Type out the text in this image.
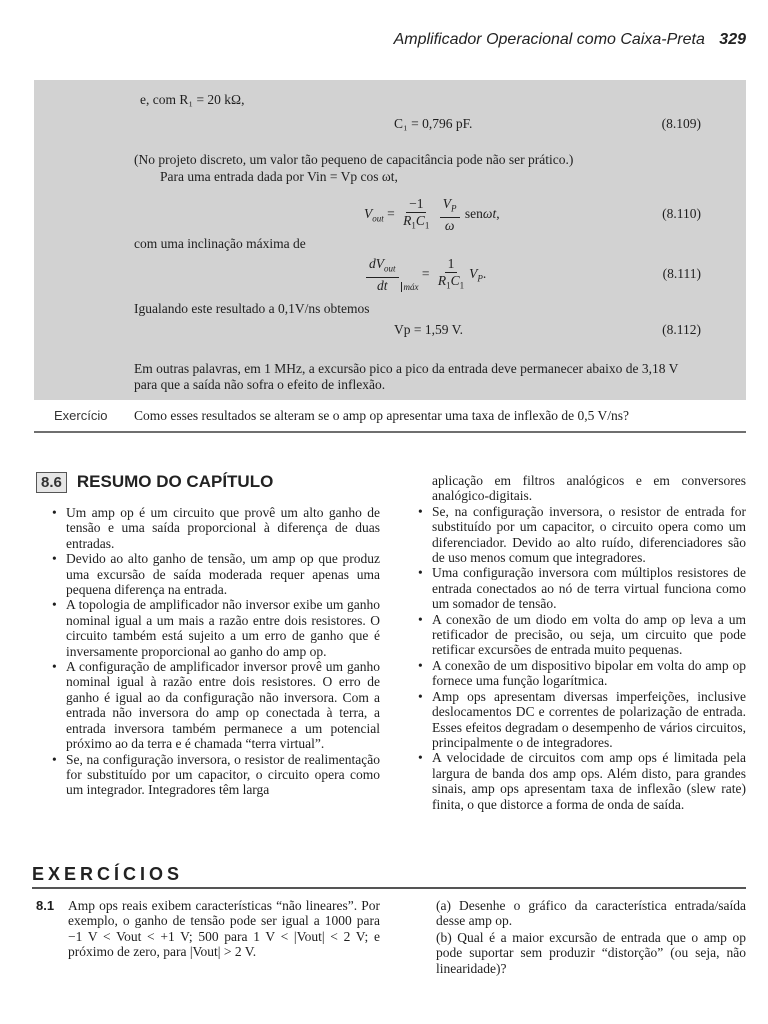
Amplificador Operacional como Caixa-Preta 329
e, com R₁ = 20 kΩ,
C₁ = 0,796 pF.	(8.109)
(No projeto discreto, um valor tão pequeno de capacitância pode não ser prático.)
Para uma entrada dada por Vin = Vp cos ωt,
$V_{out} = \frac{-1}{R_1C_1}$
$\frac{V_P}{\omega} sen\omega t$,	(8.110)
com uma inclinação máxima de
$\frac{dV_{out}}{dt} _{máx} = \frac{1}{R_1C_1} V_P$.	(8.111)
Igualando este resultado a 0,1V/ns obtemos
Vp = 1,59 V.	(8.112)
Em outras palavras, em 1 MHz, a excursão pico a pico da entrada deve permanecer abaixo de 3,18 V
para que a saída não sofra o efeito de inflexão.
Exercício Como esses resultados se alteram se o amp op apresentar uma taxa de inflexão de 0,5 V/ns?
8.6 RESUMO DO CAPÍTULO
• Um amp op é um circuito que provê um alto ganho de tensão e uma saída proporcional à diferença de duas entradas.
• Devido ao alto ganho de tensão, um amp op que produz uma excursão de saída moderada requer apenas uma pequena diferença na entrada.
• A topologia de amplificador não inversor exibe um ganho nominal igual a um mais a razão entre dois resistores. O circuito também está sujeito a um erro de ganho que é inversamente proporcional ao ganho do amp op.
• A configuração de amplificador inversor provê um ganho nominal igual à razão entre dois resistores. O erro de ganho é igual ao da configuração não inversora. Com a entrada não inversora do amp op conectada à terra, a entrada inversora também permanece a um potencial próximo ao da terra e é chamada “terra virtual”.
• Se, na configuração inversora, o resistor de realimentação for substituído por um capacitor, o circuito opera como um integrador. Integradores têm larga
aplicação em filtros analógicos e em conversores analógico-digitais.
• Se, na configuração inversora, o resistor de entrada for substituído por um capacitor, o circuito opera como um diferenciador. Devido ao alto ruído, diferenciadores são de uso menos comum que integradores.
• Uma configuração inversora com múltiplos resistores de entrada conectados ao nó de terra virtual funciona como um somador de tensão.
• A conexão de um diodo em volta do amp op leva a um retificador de precisão, ou seja, um circuito que pode retificar excursões de entrada muito pequenas.
• A conexão de um dispositivo bipolar em volta do amp op fornece uma função logarítmica.
• Amp ops apresentam diversas imperfeições, inclusive deslocamentos DC e correntes de polarização de entrada. Esses efeitos degradam o desempenho de vários circuitos, principalmente o de integradores.
• A velocidade de circuitos com amp ops é limitada pela largura de banda dos amp ops. Além disto, para grandes sinais, amp ops apresentam taxa de inflexão (slew rate) finita, o que distorce a forma de onda de saída.
EXERCÍCIOS
8.1 Amp ops reais exibem características “não lineares”. Por exemplo, o ganho de tensão pode ser igual a 1000 para −1 V < Vout < +1 V; 500 para 1 V < |Vout| < 2 V; e próximo de zero, para |Vout| > 2 V.
(a) Desenhe o gráfico da característica entrada/saída desse amp op.
(b) Qual é a maior excursão de entrada que o amp op pode suportar sem produzir “distorção” (ou seja, não linearidade)?
